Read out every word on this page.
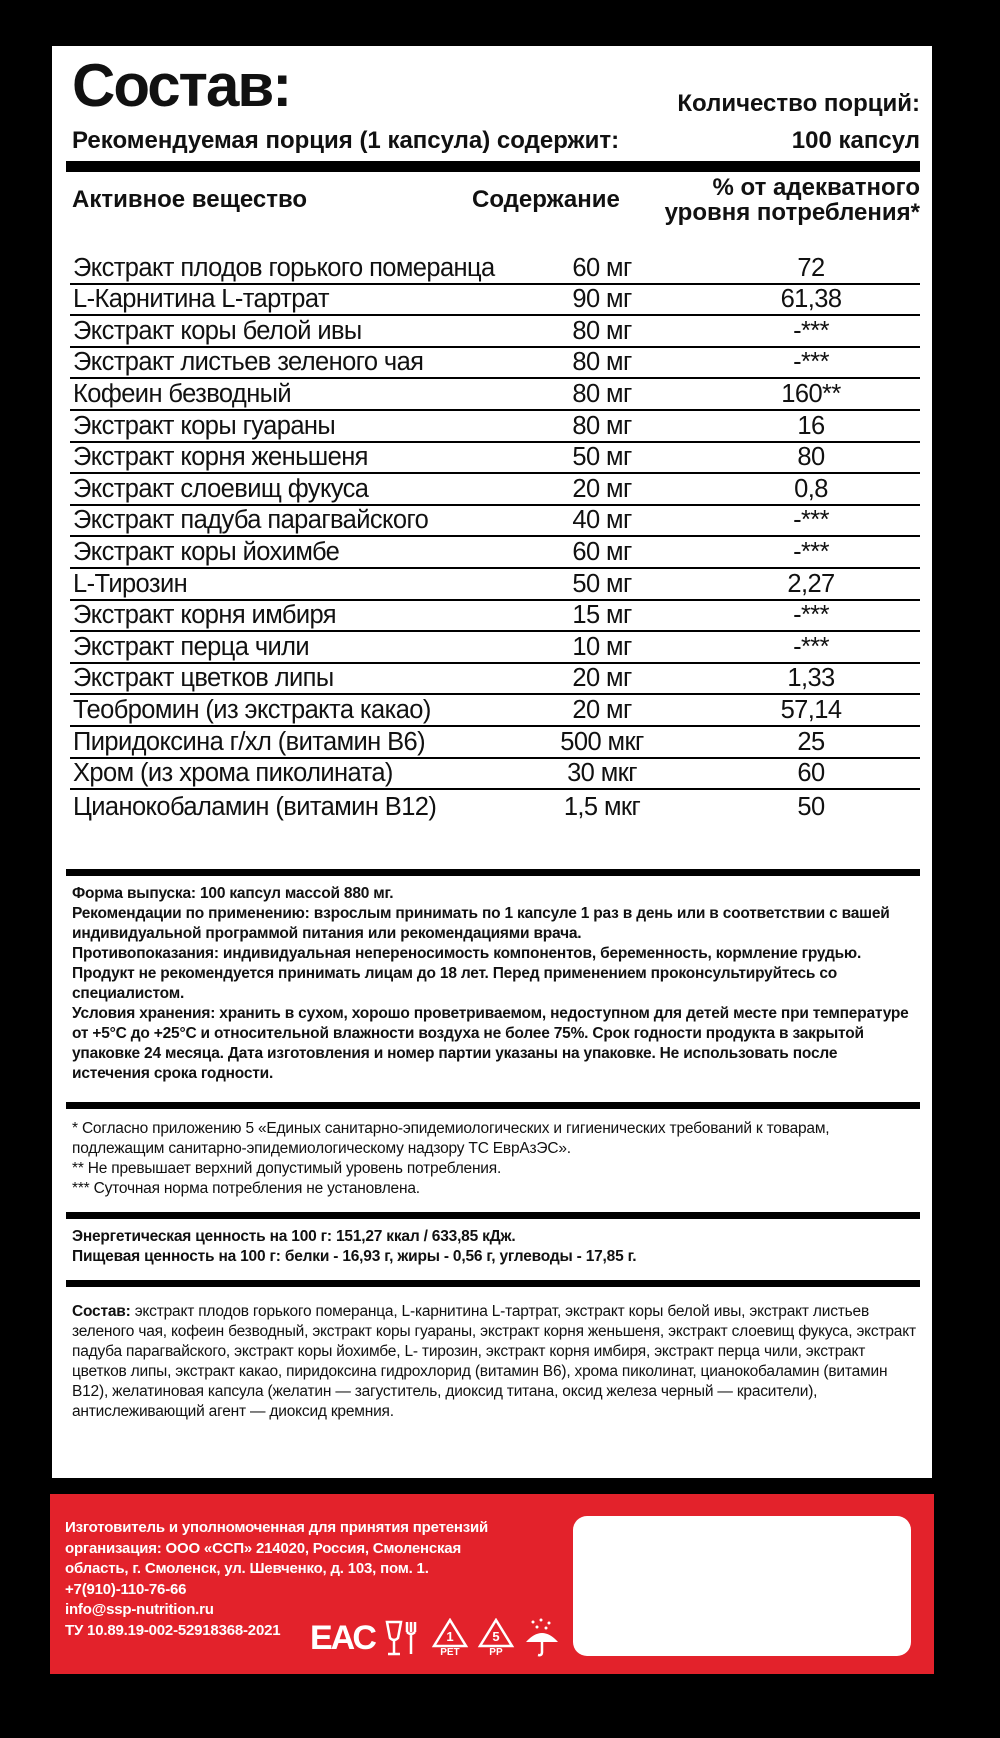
Состав:	Количество порций:
Рекомендуемая порция (1 капсула) содержит:	100 капсул
Активное вещество	Содержание	% от адекватного
уровня потребления*
Экстракт плодов горького померанца	60 мг	72
L-Карнитина L-тартрат	90 мг	61,38
Экстракт коры белой ивы	80 мг	-***
Экстракт листьев зеленого чая	80 мг	-***
Кофеин безводный	80 мг	160**
Экстракт коры гуараны	80 мг	16
Экстракт корня женьшеня	50 мг	80
Экстракт слоевищ фукуса	20 мг	0,8
Экстракт падуба парагвайского	40 мг	-***
Экстракт коры йохимбе	60 мг	-***
L-Тирозин	50 мг	2,27
Экстракт корня имбиря	15 мг	-***
Экстракт перца чили	10 мг	-***
Экстракт цветков липы	20 мг	1,33
Теобромин (из экстракта какао)	20 мг	57,14
Пиридоксина г/хл (витамин В6)	500 мкг	25
Хром (из хрома пиколината)	30 мкг	60
Цианокобаламин (витамин В12)	1,5 мкг	50

Форма выпуска: 100 капсул массой 880 мг.

Рекомендации по применению: взрослым принимать по 1 капсуле 1 раз в день или в соответствии с вашей индивидуальной программой питания или рекомендациями врача.

Противопоказания: индивидуальная непереносимость компонентов, беременность, кормление грудью. Продукт не рекомендуется принимать лицам до 18 лет. Перед применением проконсультируйтесь со специалистом.

Условия хранения: хранить в сухом, хорошо проветриваемом, недоступном для детей месте при температуре от +5°С до +25°С и относительной влажности воздуха не более 75%. Срок годности продукта в закрытой упаковке 24 месяца. Дата изготовления и номер партии указаны на упаковке. Не использовать после истечения срока годности.

* Согласно приложению 5 «Единых санитарно-эпидемиологических и гигиенических требований к товарам, подлежащим санитарно-эпидемиологическому надзору ТС ЕврАзЭС».

** Не превышает верхний допустимый уровень потребления.

*** Суточная норма потребления не установлена.

Энергетическая ценность на 100 г: 151,27 ккал / 633,85 кДж.

Пищевая ценность на 100 г: белки - 16,93 г, жиры - 0,56 г, углеводы - 17,85 г.

Состав: экстракт плодов горького померанца, L-карнитина L-тартрат, экстракт коры белой ивы, экстракт листьев зеленого чая, кофеин безводный, экстракт коры гуараны, экстракт корня женьшеня, экстракт слоевищ фукуса, экстракт падуба парагвайского, экстракт коры йохимбе, L- тирозин, экстракт корня имбиря, экстракт перца чили, экстракт цветков липы, экстракт какао, пиридоксина гидрохлорид (витамин В6), хрома пиколинат, цианокобаламин (витамин В12), желатиновая капсула (желатин — загуститель, диоксид титана, оксид железа черный — красители), антислеживающий агент — диоксид кремния.

Изготовитель и уполномоченная для принятия претензий
организация: ООО «ССП» 214020, Россия, Смоленская
область, г. Смоленск, ул. Шевченко, д. 103, пом. 1.
+7(910)-110-76-66
info@ssp-nutrition.ru
ТУ 10.89.19-002-52918368-2021 ЕАС	1
PET
5
PP
